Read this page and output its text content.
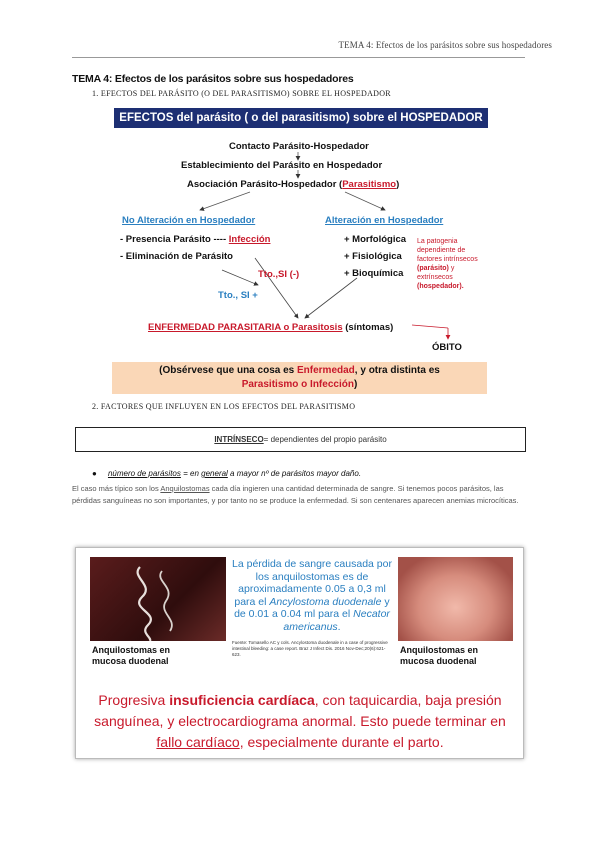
TEMA 4: Efectos de los parásitos sobre sus hospedadores
TEMA 4: Efectos de los parásitos sobre sus hospedadores
1. EFECTOS DEL PARÁSITO (O DEL PARASITISMO) SOBRE EL HOSPEDADOR
EFECTOS del parásito ( o del parasitismo) sobre el HOSPEDADOR
Contacto Parásito-Hospedador
Establecimiento del Parásito en Hospedador
Asociación Parásito-Hospedador (Parasitismo)
No Alteración en Hospedador
- Presencia Parásito ---- Infección
- Eliminación de Parásito
Alteración en Hospedador
+ Morfológica
+ Fisiológica
+ Bioquímica
La patogenia
dependiente de
factores intrínsecos
(parásito) y
extrínsecos
(hospedador).
Tto.,SI (-)
Tto., SI +
ENFERMEDAD PARASITARIA o Parasitosis (síntomas)
ÓBITO
(Obsérvese que una cosa es Enfermedad, y otra distinta es
Parasitismo o Infección)
2. FACTORES QUE INFLUYEN EN LOS EFECTOS DEL PARASITISMO
INTRÍNSECO = dependientes del propio parásito
●     número de parásitos = en general a mayor nº de parásitos mayor daño.
El caso más típico son los Anquilostomas cada día ingieren una cantidad determinada de sangre. Si tenemos pocos parásitos, las pérdidas sanguíneas no son importantes, y por tanto no se produce la enfermedad. Si son centenares aparecen anemias microcíticas.
Anquilostomas en
mucosa duodenal
La pérdida de sangre causada por los anquilostomas es de aproximadamente 0.05 a 0,3 ml para el Ancylostoma duodenale y de 0.01 a 0.04 ml para el Necator americanus.
Fuente: Tomasello AC y cols. Ancylostoma duodenale in a case of progressive intestinal bleeding: a case report. Braz J Infect Dis. 2016 Nov-Dec;20(6):621-623.	Anquilostomas en
mucosa duodenal
Progresiva insuficiencia cardíaca, con taquicardia, baja presión sanguínea, y electrocardiograma anormal. Esto puede terminar en fallo cardíaco, especialmente durante el parto.
